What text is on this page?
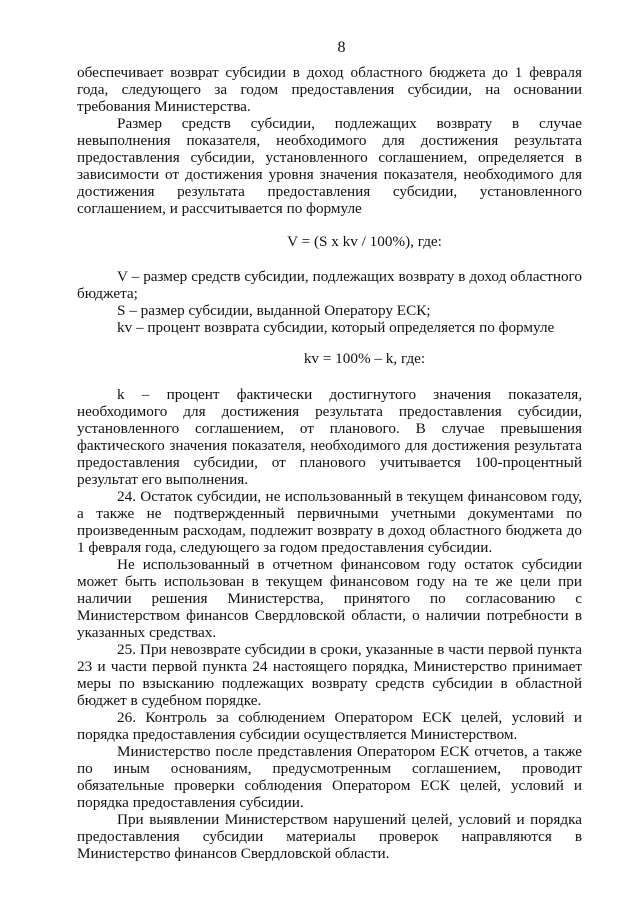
8

обеспечивает возврат субсидии в доход областного бюджета до 1 февраля года, следующего за годом предоставления субсидии, на основании требования Министерства.

Размер средств субсидии, подлежащих возврату в случае невыполнения показателя, необходимого для достижения результата предоставления субсидии, установленного соглашением, определяется в зависимости от достижения уровня значения показателя, необходимого для достижения результата предоставления субсидии, установленного соглашением, и рассчитывается по формуле

V = (S x kv / 100%), где:

V – размер средств субсидии, подлежащих возврату в доход областного бюджета;

S – размер субсидии, выданной Оператору ЕСК;

kv – процент возврата субсидии, который определяется по формуле

kv = 100% – k, где:

k – процент фактически достигнутого значения показателя, необходимого для достижения результата предоставления субсидии, установленного соглашением, от планового. В случае превышения фактического значения показателя, необходимого для достижения результата предоставления субсидии, от планового учитывается 100-процентный результат его выполнения.

24. Остаток субсидии, не использованный в текущем финансовом году, а также не подтвержденный первичными учетными документами по произведенным расходам, подлежит возврату в доход областного бюджета до 1 февраля года, следующего за годом предоставления субсидии.

Не использованный в отчетном финансовом году остаток субсидии может быть использован в текущем финансовом году на те же цели при наличии решения Министерства, принятого по согласованию с Министерством финансов Свердловской области, о наличии потребности в указанных средствах.

25. При невозврате субсидии в сроки, указанные в части первой пункта 23 и части первой пункта 24 настоящего порядка, Министерство принимает меры по взысканию подлежащих возврату средств субсидии в областной бюджет в судебном порядке.

26. Контроль за соблюдением Оператором ЕСК целей, условий и порядка предоставления субсидии осуществляется Министерством.

Министерство после представления Оператором ЕСК отчетов, а также по иным основаниям, предусмотренным соглашением, проводит обязательные проверки соблюдения Оператором ЕСК целей, условий и порядка предоставления субсидии.

При выявлении Министерством нарушений целей, условий и порядка предоставления субсидии материалы проверок направляются в Министерство финансов Свердловской области.
